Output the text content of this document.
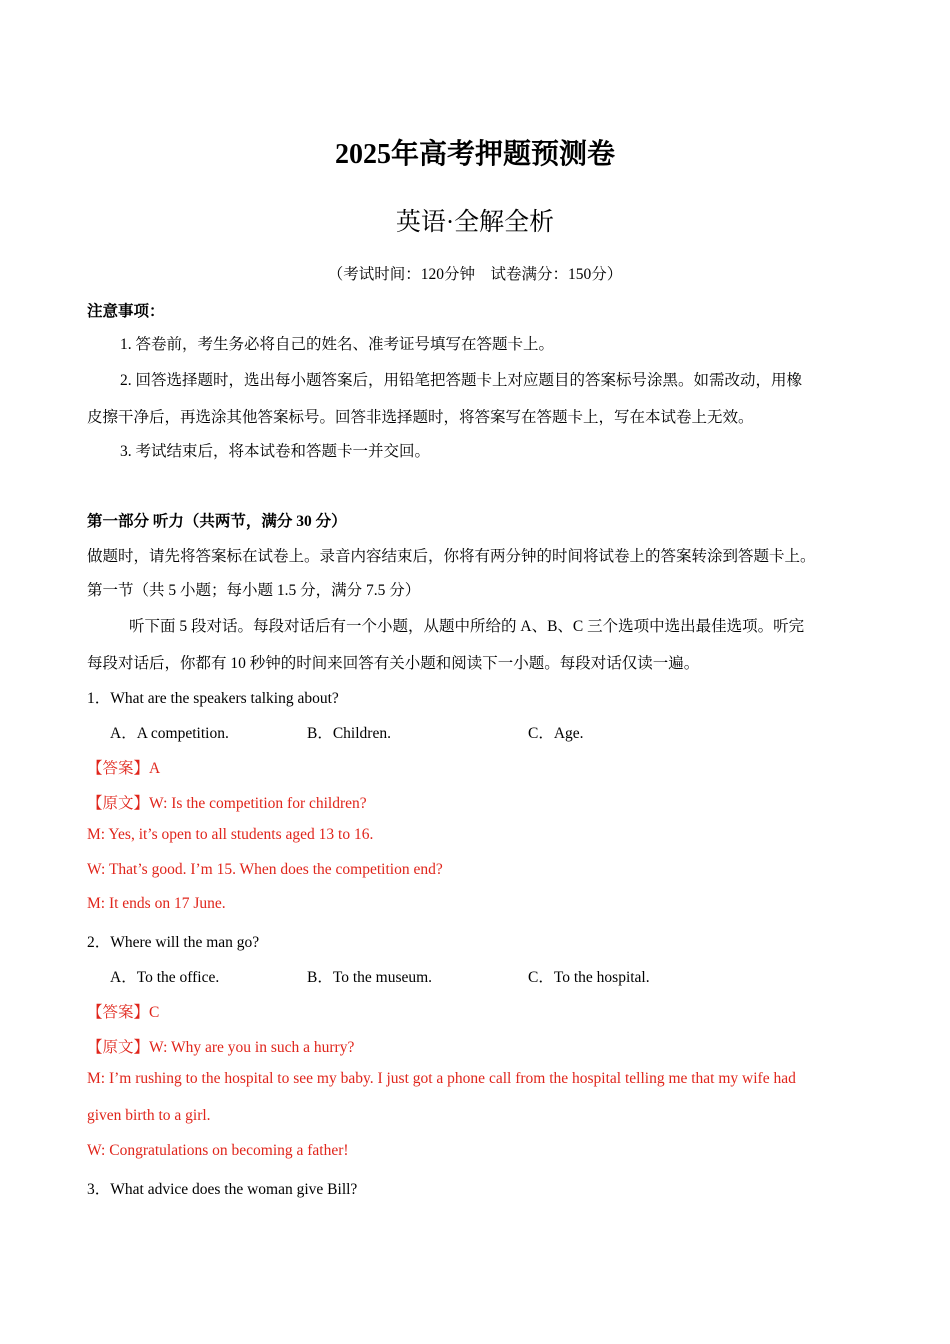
2025年高考押题预测卷
英语·全解全析
（考试时间：120分钟　试卷满分：150分）
注意事项：
1. 答卷前，考生务必将自己的姓名、准考证号填写在答题卡上。
2. 回答选择题时，选出每小题答案后，用铅笔把答题卡上对应题目的答案标号涂黑。如需改动，用橡
皮擦干净后，再选涂其他答案标号。回答非选择题时，将答案写在答题卡上，写在本试卷上无效。
3. 考试结束后，将本试卷和答题卡一并交回。
第一部分 听力（共两节，满分 30 分）
做题时，请先将答案标在试卷上。录音内容结束后，你将有两分钟的时间将试卷上的答案转涂到答题卡上。
第一节（共 5 小题；每小题 1.5 分，满分 7.5 分）
听下面 5 段对话。每段对话后有一个小题，从题中所给的 A、B、C 三个选项中选出最佳选项。听完
每段对话后，你都有 10 秒钟的时间来回答有关小题和阅读下一小题。每段对话仅读一遍。
1．What are the speakers talking about?
A．A competition.	B．Children.	C．Age.
【答案】A
【原文】W: Is the competition for children?
M: Yes, it’s open to all students aged 13 to 16.
W: That’s good. I’m 15. When does the competition end?
M: It ends on 17 June.
2．Where will the man go?
A．To the office.	B．To the museum.	C．To the hospital.
【答案】C
【原文】W: Why are you in such a hurry?
M: I’m rushing to the hospital to see my baby. I just got a phone call from the hospital telling me that my wife had
given birth to a girl.
W: Congratulations on becoming a father!
3．What advice does the woman give Bill?
